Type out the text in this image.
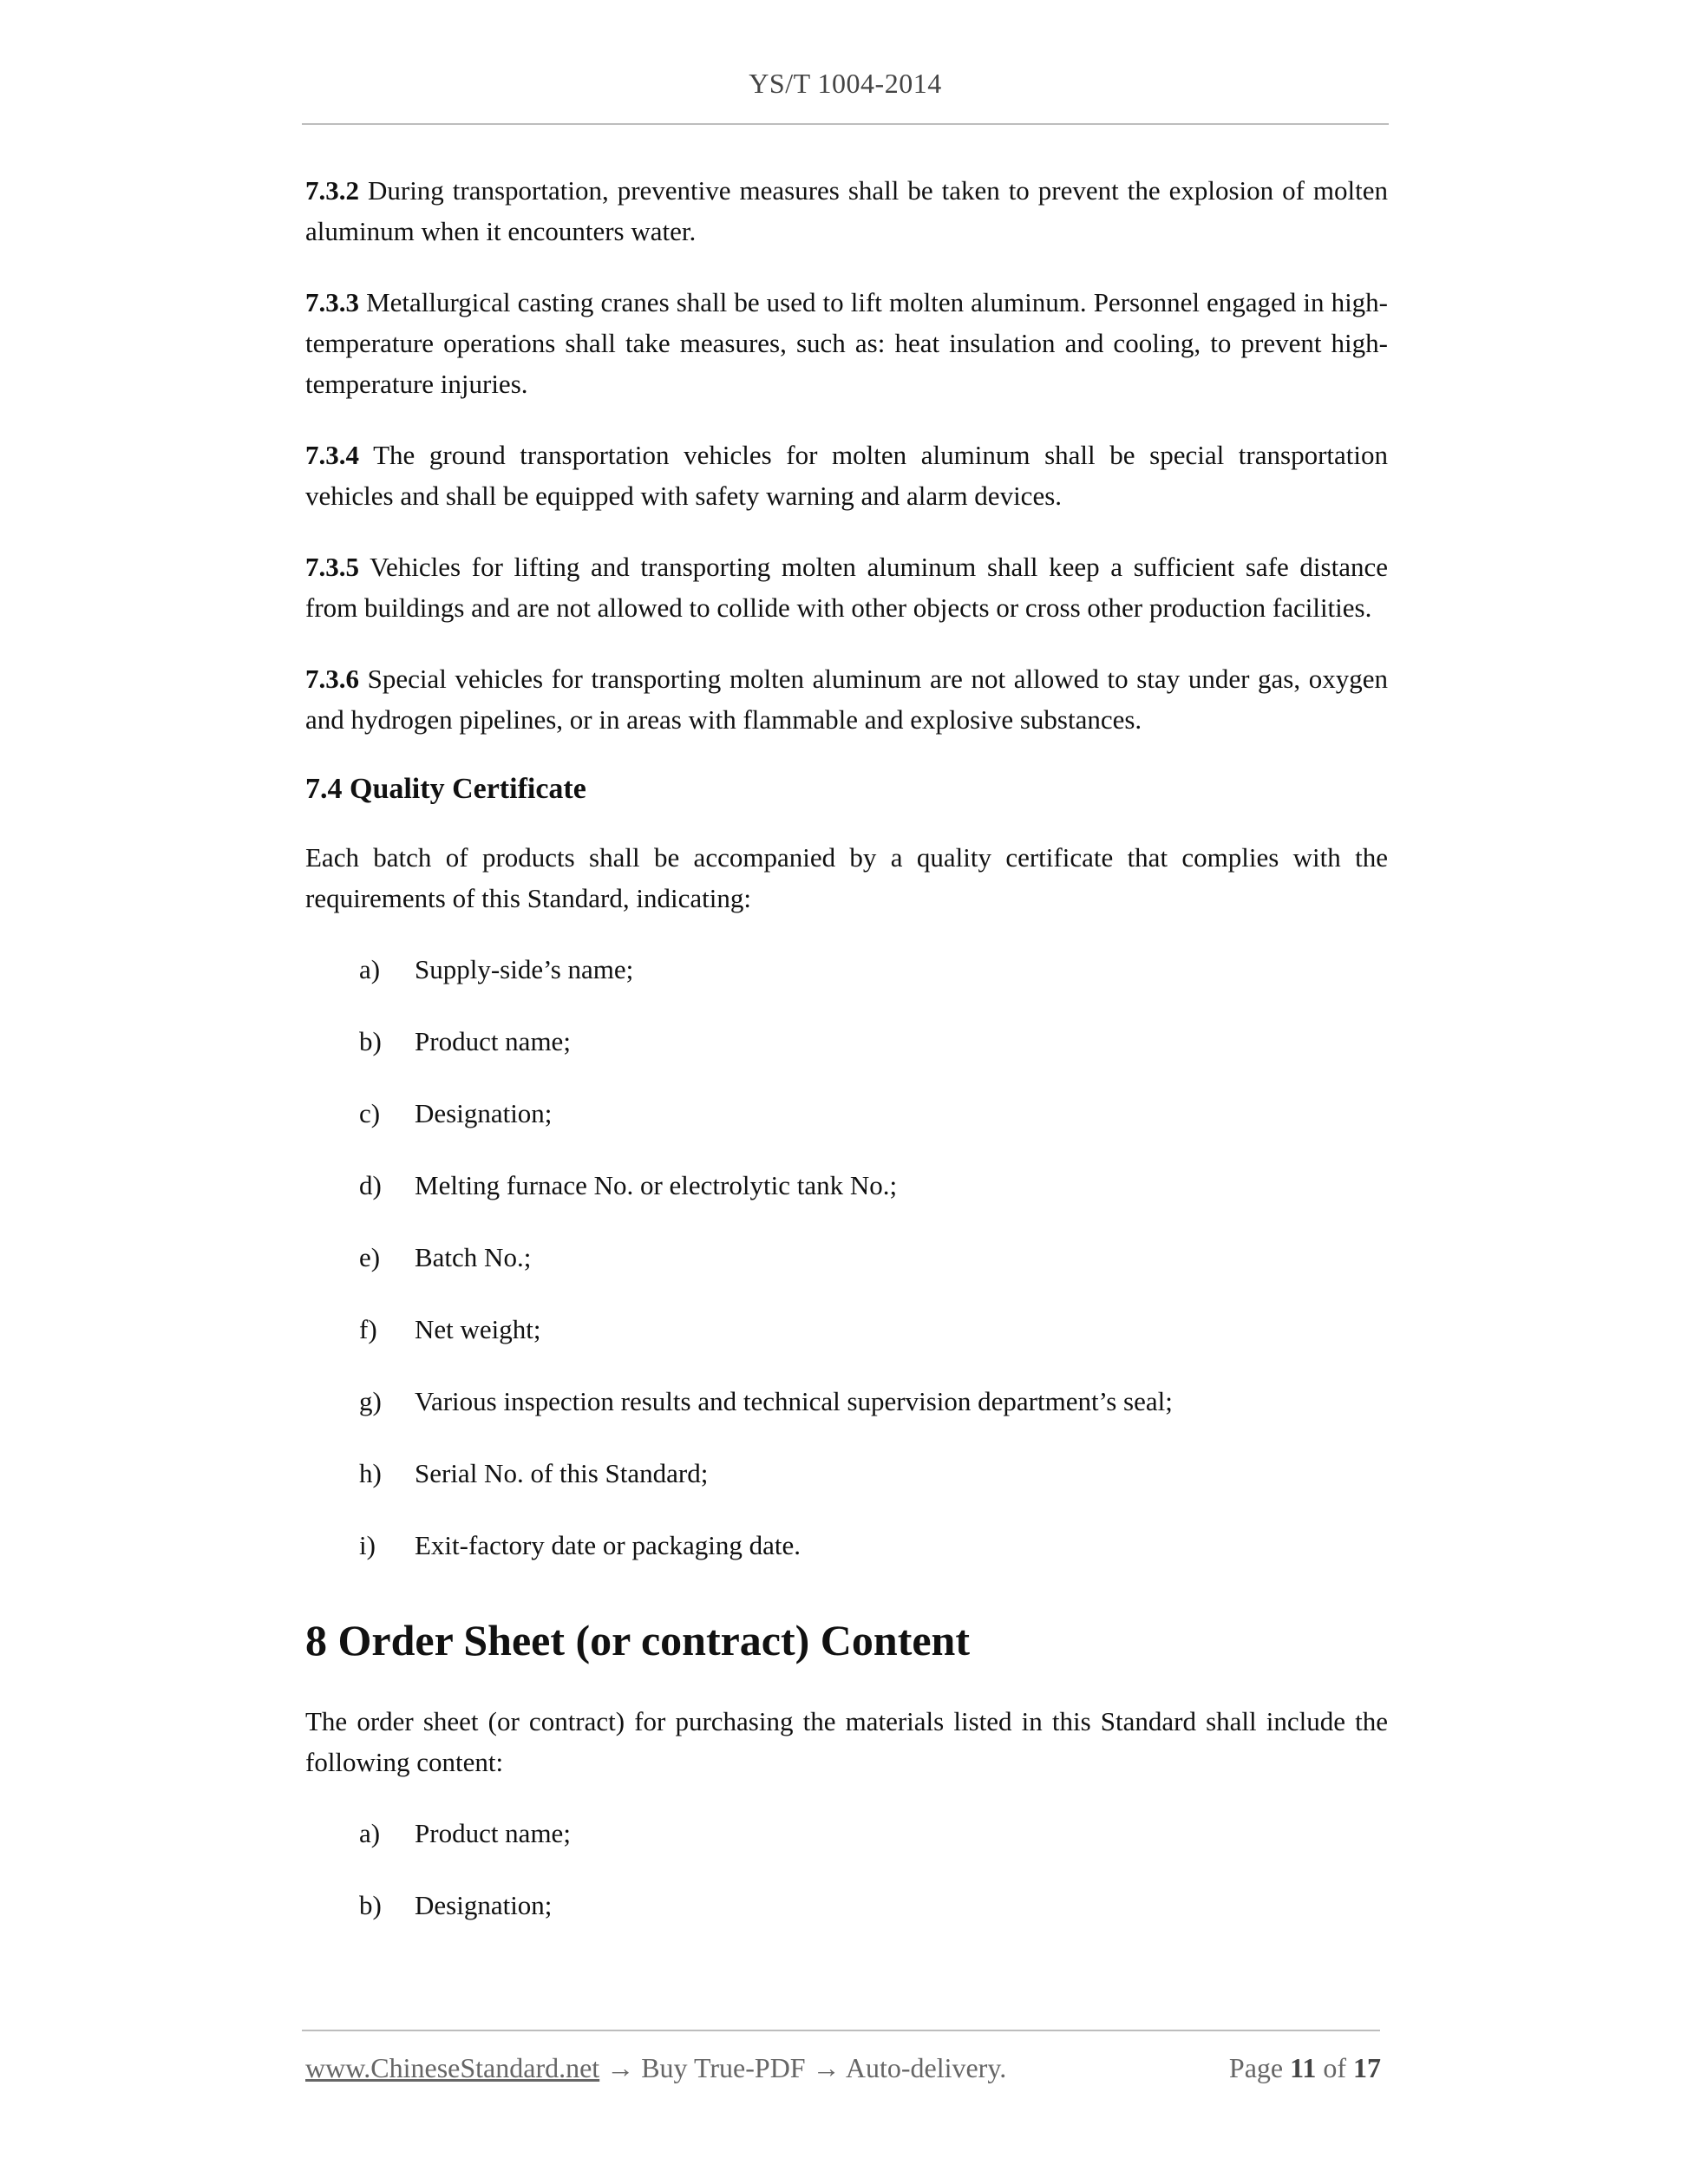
YS/T 1004-2014

7.3.2 During transportation, preventive measures shall be taken to prevent the explosion of molten aluminum when it encounters water.

7.3.3 Metallurgical casting cranes shall be used to lift molten aluminum. Personnel engaged in high-temperature operations shall take measures, such as: heat insulation and cooling, to prevent high-temperature injuries.

7.3.4 The ground transportation vehicles for molten aluminum shall be special transportation vehicles and shall be equipped with safety warning and alarm devices.

7.3.5 Vehicles for lifting and transporting molten aluminum shall keep a sufficient safe distance from buildings and are not allowed to collide with other objects or cross other production facilities.

7.3.6 Special vehicles for transporting molten aluminum are not allowed to stay under gas, oxygen and hydrogen pipelines, or in areas with flammable and explosive substances.

7.4 Quality Certificate

Each batch of products shall be accompanied by a quality certificate that complies with the requirements of this Standard, indicating:

a) Supply-side’s name;
b) Product name;
c) Designation;
d) Melting furnace No. or electrolytic tank No.;
e) Batch No.;
f) Net weight;
g) Various inspection results and technical supervision department’s seal;
h) Serial No. of this Standard;
i) Exit-factory date or packaging date.
8 Order Sheet (or contract) Content

The order sheet (or contract) for purchasing the materials listed in this Standard shall include the following content:

a) Product name;
b) Designation;
www.ChineseStandard.net → Buy True-PDF → Auto-delivery.	Page 11 of 17
